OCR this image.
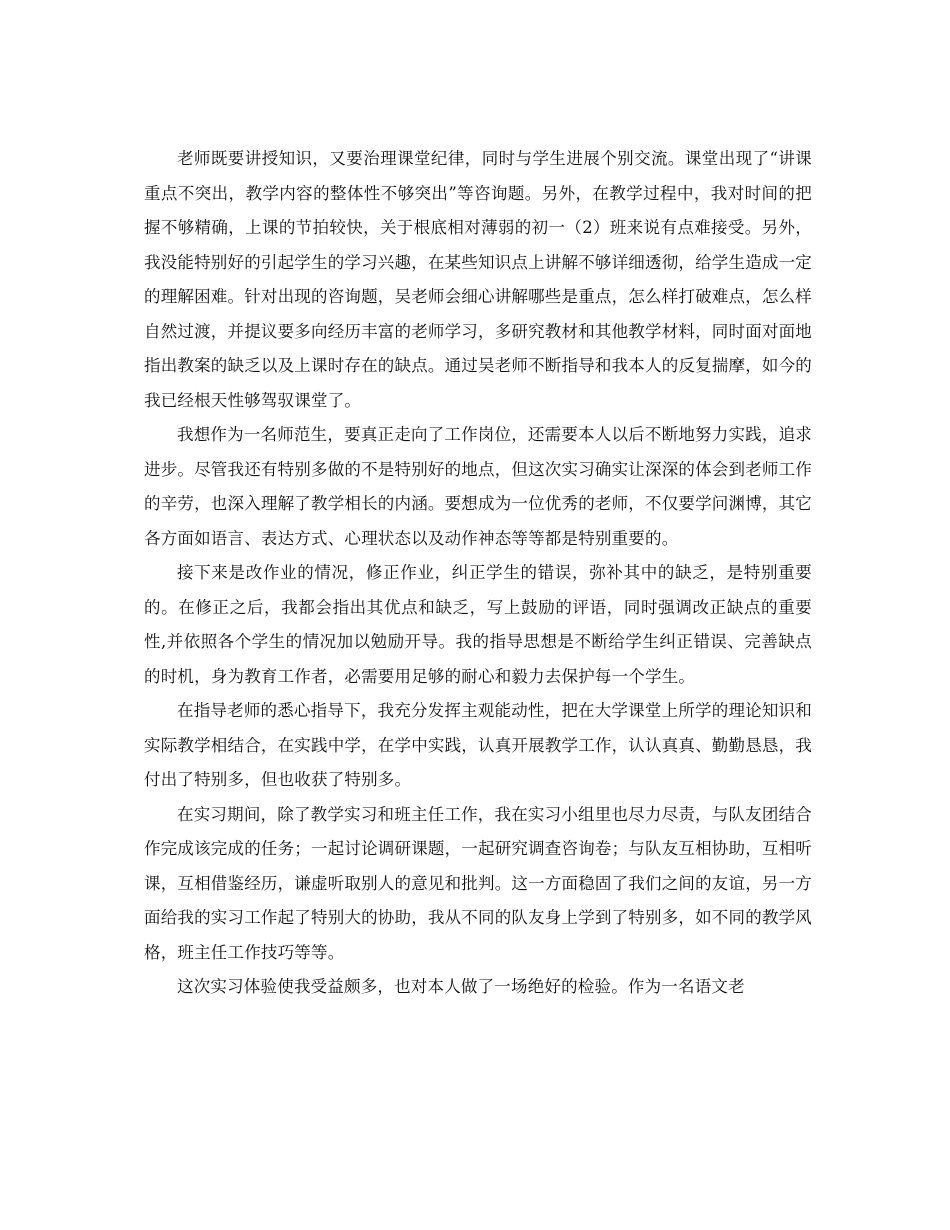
老师既要讲授知识，又要治理课堂纪律，同时与学生进展个别交流。课堂出现了“讲课重点不突出，教学内容的整体性不够突出”等咨询题。另外，在教学过程中，我对时间的把握不够精确，上课的节拍较快，关于根底相对薄弱的初一（2）班来说有点难接受。另外，我没能特别好的引起学生的学习兴趣，在某些知识点上讲解不够详细透彻，给学生造成一定的理解困难。针对出现的咨询题，吴老师会细心讲解哪些是重点，怎么样打破难点，怎么样自然过渡，并提议要多向经历丰富的老师学习，多研究教材和其他教学材料，同时面对面地指出教案的缺乏以及上课时存在的缺点。通过吴老师不断指导和我本人的反复揣摩，如今的我已经根天性够驾驭课堂了。

我想作为一名师范生，要真正走向了工作岗位，还需要本人以后不断地努力实践，追求进步。尽管我还有特别多做的不是特别好的地点，但这次实习确实让深深的体会到老师工作的辛劳，也深入理解了教学相长的内涵。要想成为一位优秀的老师，不仅要学问渊博，其它各方面如语言、表达方式、心理状态以及动作神态等等都是特别重要的。

接下来是改作业的情况，修正作业，纠正学生的错误，弥补其中的缺乏，是特别重要的。在修正之后，我都会指出其优点和缺乏，写上鼓励的评语，同时强调改正缺点的重要性,并依照各个学生的情况加以勉励开导。我的指导思想是不断给学生纠正错误、完善缺点的时机，身为教育工作者，必需要用足够的耐心和毅力去保护每一个学生。

在指导老师的悉心指导下，我充分发挥主观能动性，把在大学课堂上所学的理论知识和实际教学相结合，在实践中学，在学中实践，认真开展教学工作，认认真真、勤勤恳恳，我付出了特别多，但也收获了特别多。

在实习期间，除了教学实习和班主任工作，我在实习小组里也尽力尽责，与队友团结合作完成该完成的任务；一起讨论调研课题，一起研究调查咨询卷；与队友互相协助，互相听课，互相借鉴经历，谦虚听取别人的意见和批判。这一方面稳固了我们之间的友谊，另一方面给我的实习工作起了特别大的协助，我从不同的队友身上学到了特别多，如不同的教学风格，班主任工作技巧等等。

这次实习体验使我受益颇多，也对本人做了一场绝好的检验。作为一名语文老
